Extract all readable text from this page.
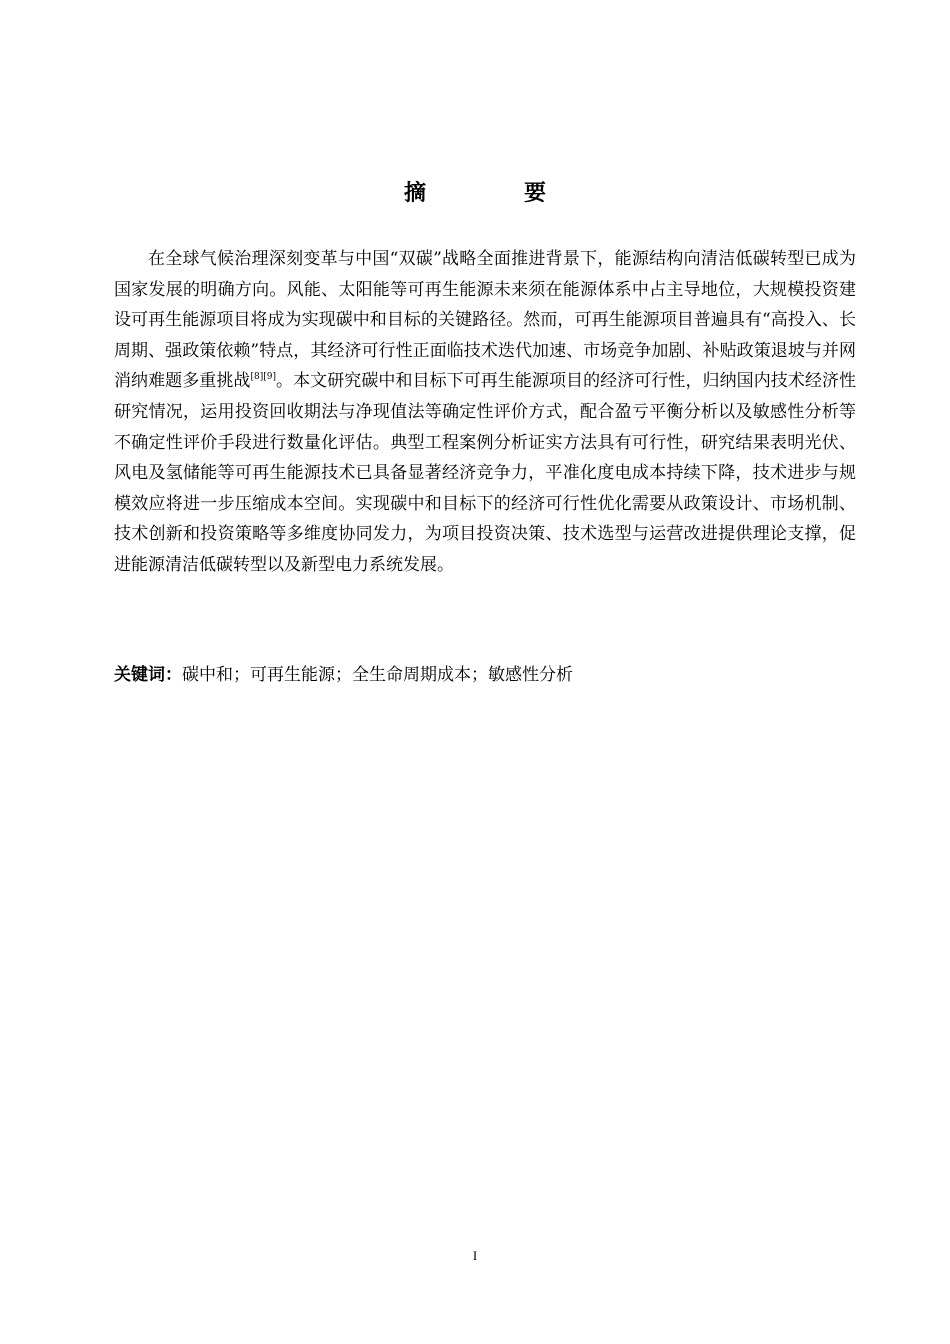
摘　要

在全球气候治理深刻变革与中国“双碳”战略全面推进背景下，能源结构向清洁低碳转型已成为国家发展的明确方向。风能、太阳能等可再生能源未来须在能源体系中占主导地位，大规模投资建设可再生能源项目将成为实现碳中和目标的关键路径。然而，可再生能源项目普遍具有“高投入、长周期、强政策依赖”特点，其经济可行性正面临技术迭代加速、市场竞争加剧、补贴政策退坡与并网消纳难题多重挑战[8][9]。本文研究碳中和目标下可再生能源项目的经济可行性，归纳国内技术经济性研究情况，运用投资回收期法与净现值法等确定性评价方式，配合盈亏平衡分析以及敏感性分析等不确定性评价手段进行数量化评估。典型工程案例分析证实方法具有可行性，研究结果表明光伏、风电及氢储能等可再生能源技术已具备显著经济竞争力，平准化度电成本持续下降，技术进步与规模效应将进一步压缩成本空间。实现碳中和目标下的经济可行性优化需要从政策设计、市场机制、技术创新和投资策略等多维度协同发力，为项目投资决策、技术选型与运营改进提供理论支撑，促进能源清洁低碳转型以及新型电力系统发展。

关键词：碳中和；可再生能源；全生命周期成本；敏感性分析
I
